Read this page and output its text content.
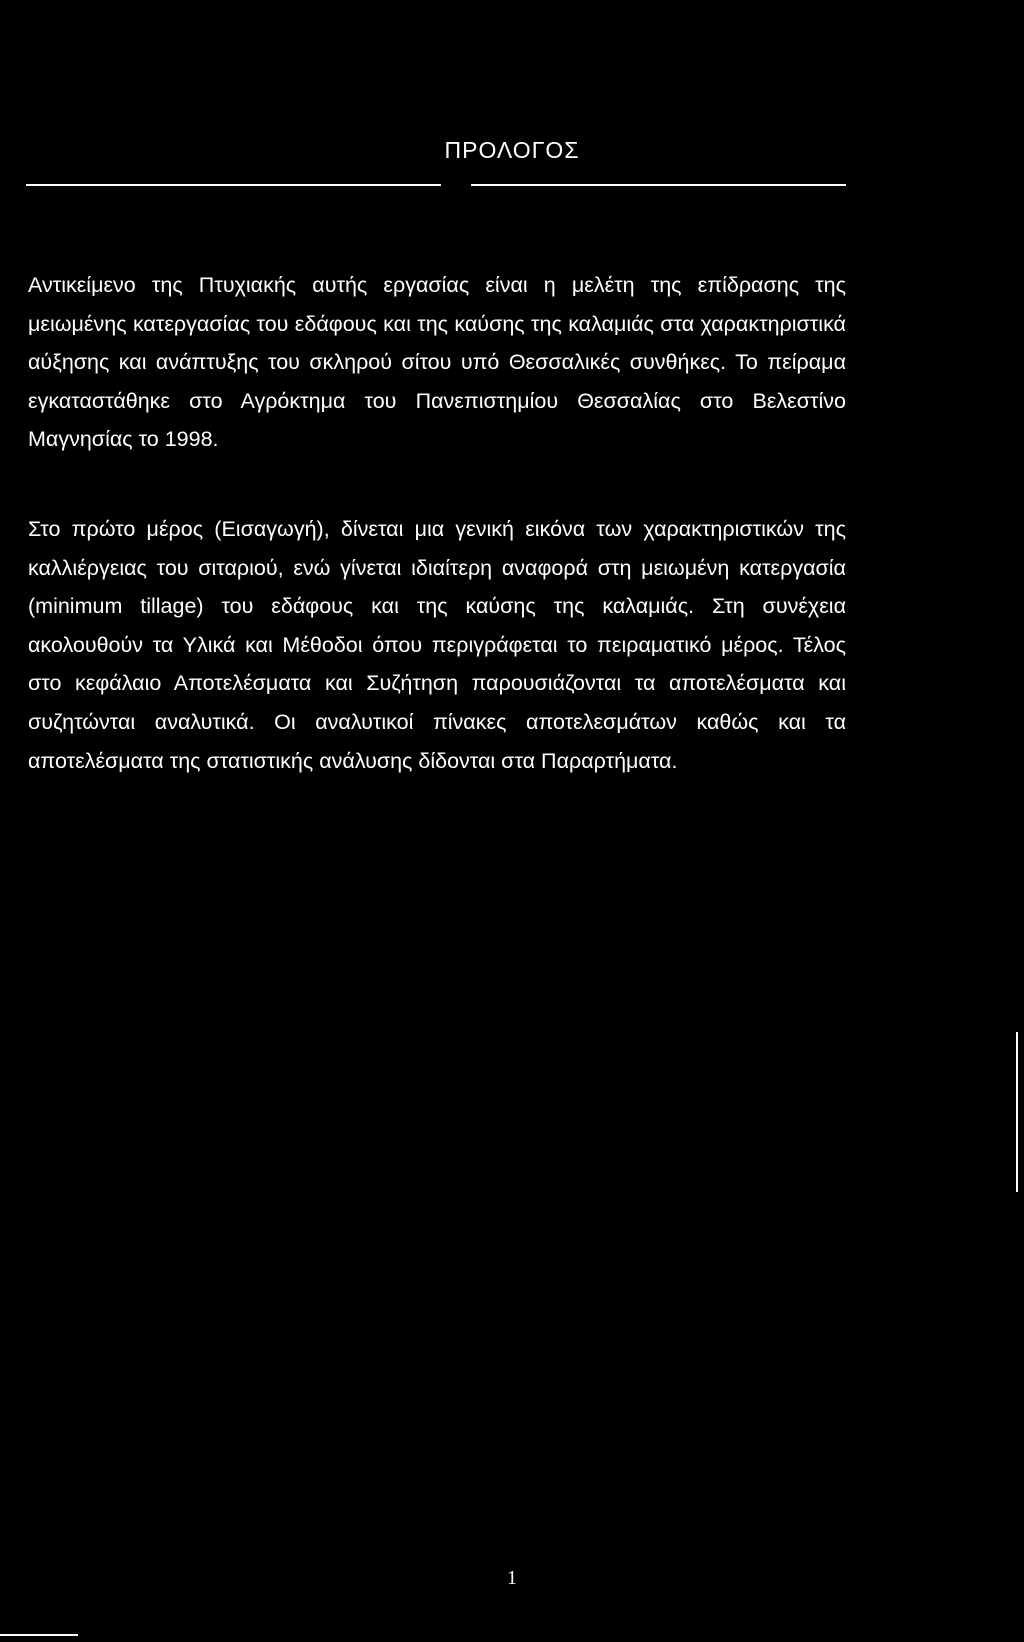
ΠΡΟΛΟΓΟΣ

Αντικείμενο της Πτυχιακής αυτής εργασίας είναι η μελέτη της επίδρασης της μειωμένης κατεργασίας του εδάφους και της καύσης της καλαμιάς στα χαρακτηριστικά αύξησης και ανάπτυξης του σκληρού σίτου υπό Θεσσαλικές συνθήκες. Το πείραμα εγκαταστάθηκε στο Αγρόκτημα του Πανεπιστημίου Θεσσαλίας στο Βελεστίνο Μαγνησίας το 1998.

Στο πρώτο μέρος (Εισαγωγή), δίνεται μια γενική εικόνα των χαρακτηριστικών της καλλιέργειας του σιταριού, ενώ γίνεται ιδιαίτερη αναφορά στη μειωμένη κατεργασία (minimum tillage) του εδάφους και της καύσης της καλαμιάς. Στη συνέχεια ακολουθούν τα Υλικά και Μέθοδοι όπου περιγράφεται το πειραματικό μέρος. Τέλος στο κεφάλαιο Αποτελέσματα και Συζήτηση παρουσιάζονται τα αποτελέσματα και συζητώνται αναλυτικά. Οι αναλυτικοί πίνακες αποτελεσμάτων καθώς και τα αποτελέσματα της στατιστικής ανάλυσης δίδονται στα Παραρτήματα.

1
